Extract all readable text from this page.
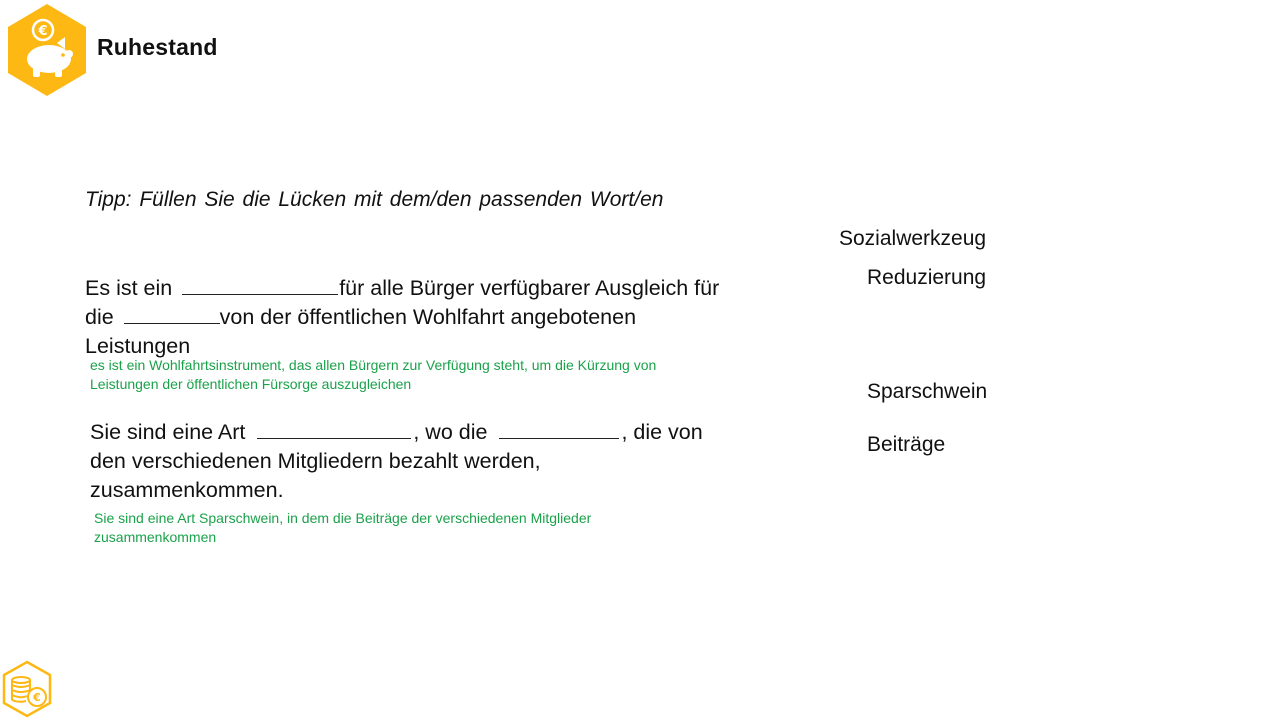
€
Ruhestand
Tipp: Füllen Sie die Lücken mit dem/den passenden Wort/en
Es ist ein	für alle Bürger verfügbarer Ausgleich für die	von der öffentlichen Wohlfahrt angebotenen Leistungen
es ist ein Wohlfahrtsinstrument, das allen Bürgern zur Verfügung steht, um die Kürzung von Leistungen der öffentlichen Fürsorge auszugleichen
Sie sind eine Art	, wo die	, die von den verschiedenen Mitgliedern bezahlt werden, zusammenkommen.
Sie sind eine Art Sparschwein, in dem die Beiträge der verschiedenen Mitglieder zusammenkommen
Sozialwerkzeug
Reduzierung
Sparschwein
Beiträge
€
